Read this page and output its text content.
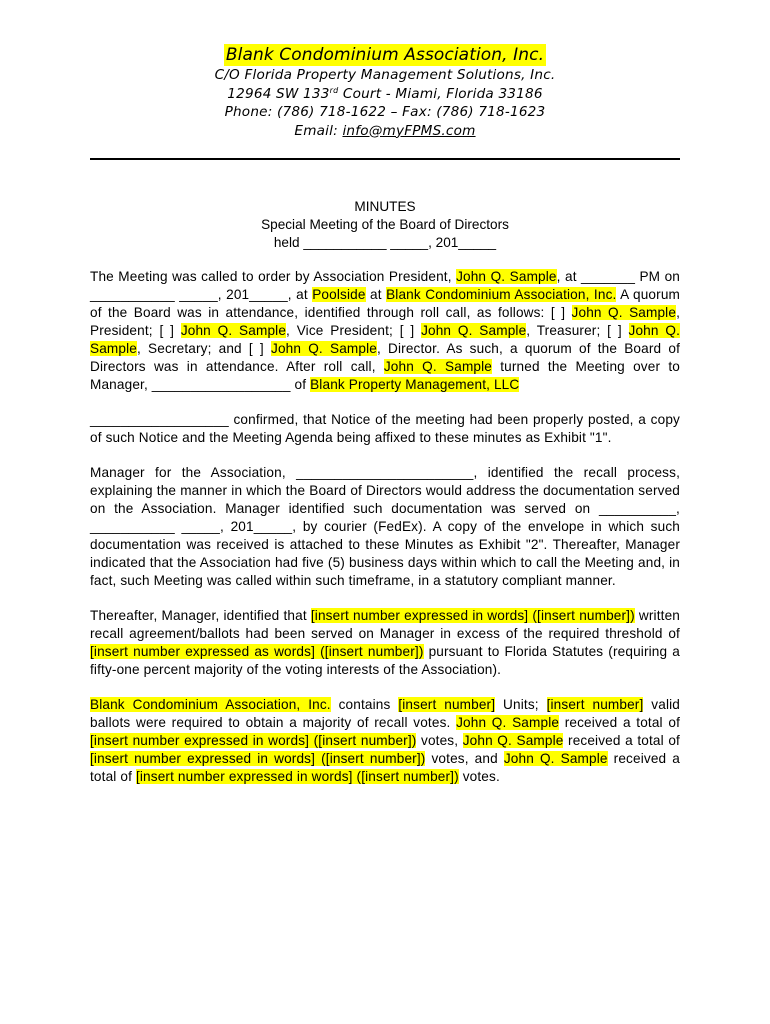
Blank Condominium Association, Inc.
C/O Florida Property Management Solutions, Inc.
12964 SW 133rd Court - Miami, Florida 33186
Phone: (786) 718-1622 – Fax: (786) 718-1623
Email: info@myFPMS.com
MINUTES
Special Meeting of the Board of Directors
held ___________ _____, 201_____

The Meeting was called to order by Association President, John Q. Sample, at _______ PM on ___________ _____, 201_____, at Poolside at Blank Condominium Association, Inc. A quorum of the Board was in attendance, identified through roll call, as follows: [ ] John Q. Sample, President; [ ] John Q. Sample, Vice President; [ ] John Q. Sample, Treasurer; [ ] John Q. Sample, Secretary; and [ ] John Q. Sample, Director. As such, a quorum of the Board of Directors was in attendance. After roll call, John Q. Sample turned the Meeting over to Manager, __________________ of Blank Property Management, LLC

__________________ confirmed, that Notice of the meeting had been properly posted, a copy of such Notice and the Meeting Agenda being affixed to these minutes as Exhibit "1".

Manager for the Association, _______________________, identified the recall process, explaining the manner in which the Board of Directors would address the documentation served on the Association. Manager identified such documentation was served on __________, ___________ _____, 201_____, by courier (FedEx). A copy of the envelope in which such documentation was received is attached to these Minutes as Exhibit "2". Thereafter, Manager indicated that the Association had five (5) business days within which to call the Meeting and, in fact, such Meeting was called within such timeframe, in a statutory compliant manner.

Thereafter, Manager, identified that [insert number expressed in words] ([insert number]) written recall agreement/ballots had been served on Manager in excess of the required threshold of [insert number expressed as words] ([insert number]) pursuant to Florida Statutes (requiring a fifty-one percent majority of the voting interests of the Association).

Blank Condominium Association, Inc. contains [insert number] Units; [insert number] valid ballots were required to obtain a majority of recall votes. John Q. Sample received a total of [insert number expressed in words] ([insert number]) votes, John Q. Sample received a total of [insert number expressed in words] ([insert number]) votes, and John Q. Sample received a total of [insert number expressed in words] ([insert number]) votes.
